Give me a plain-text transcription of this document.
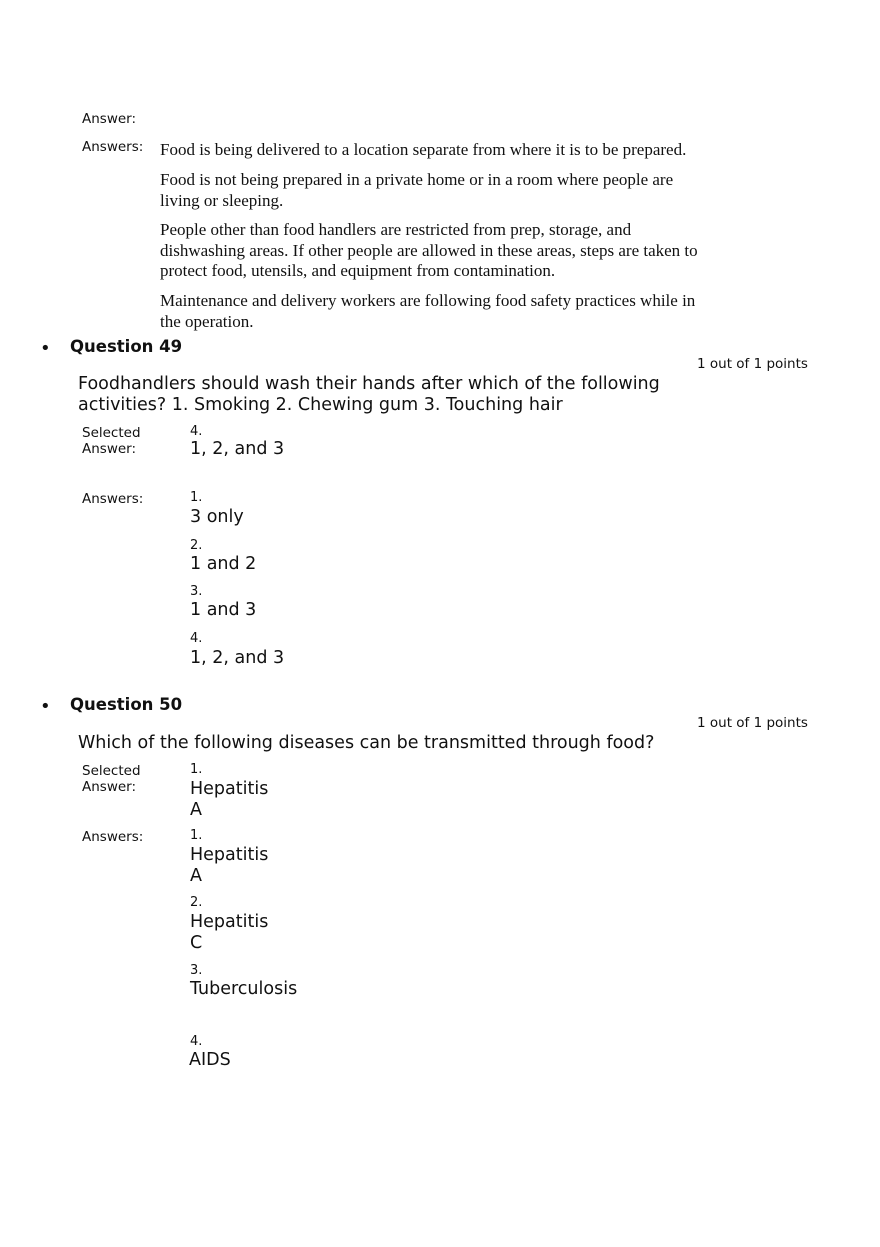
Answer:
Answers: Food is being delivered to a location separate from where it is to be prepared.
Food is not being prepared in a private home or in a room where people are living or sleeping.
People other than food handlers are restricted from prep, storage, and dishwashing areas. If other people are allowed in these areas, steps are taken to protect food, utensils, and equipment from contamination.
Maintenance and delivery workers are following food safety practices while in the operation.
• Question 49
1 out of 1 points
Foodhandlers should wash their hands after which of the following activities? 1. Smoking 2. Chewing gum 3. Touching hair
Selected
Answer:
4.
1, 2, and 3
Answers:	1.
3 only
2.
1 and 2
3.
1 and 3
4.
1, 2, and 3
• Question 50
1 out of 1 points
Which of the following diseases can be transmitted through food?
Selected
Answer:
1.
Hepatitis A
Answers:	1.
Hepatitis A
2.
Hepatitis C
3.
Tuberculosis
4.
AIDS
